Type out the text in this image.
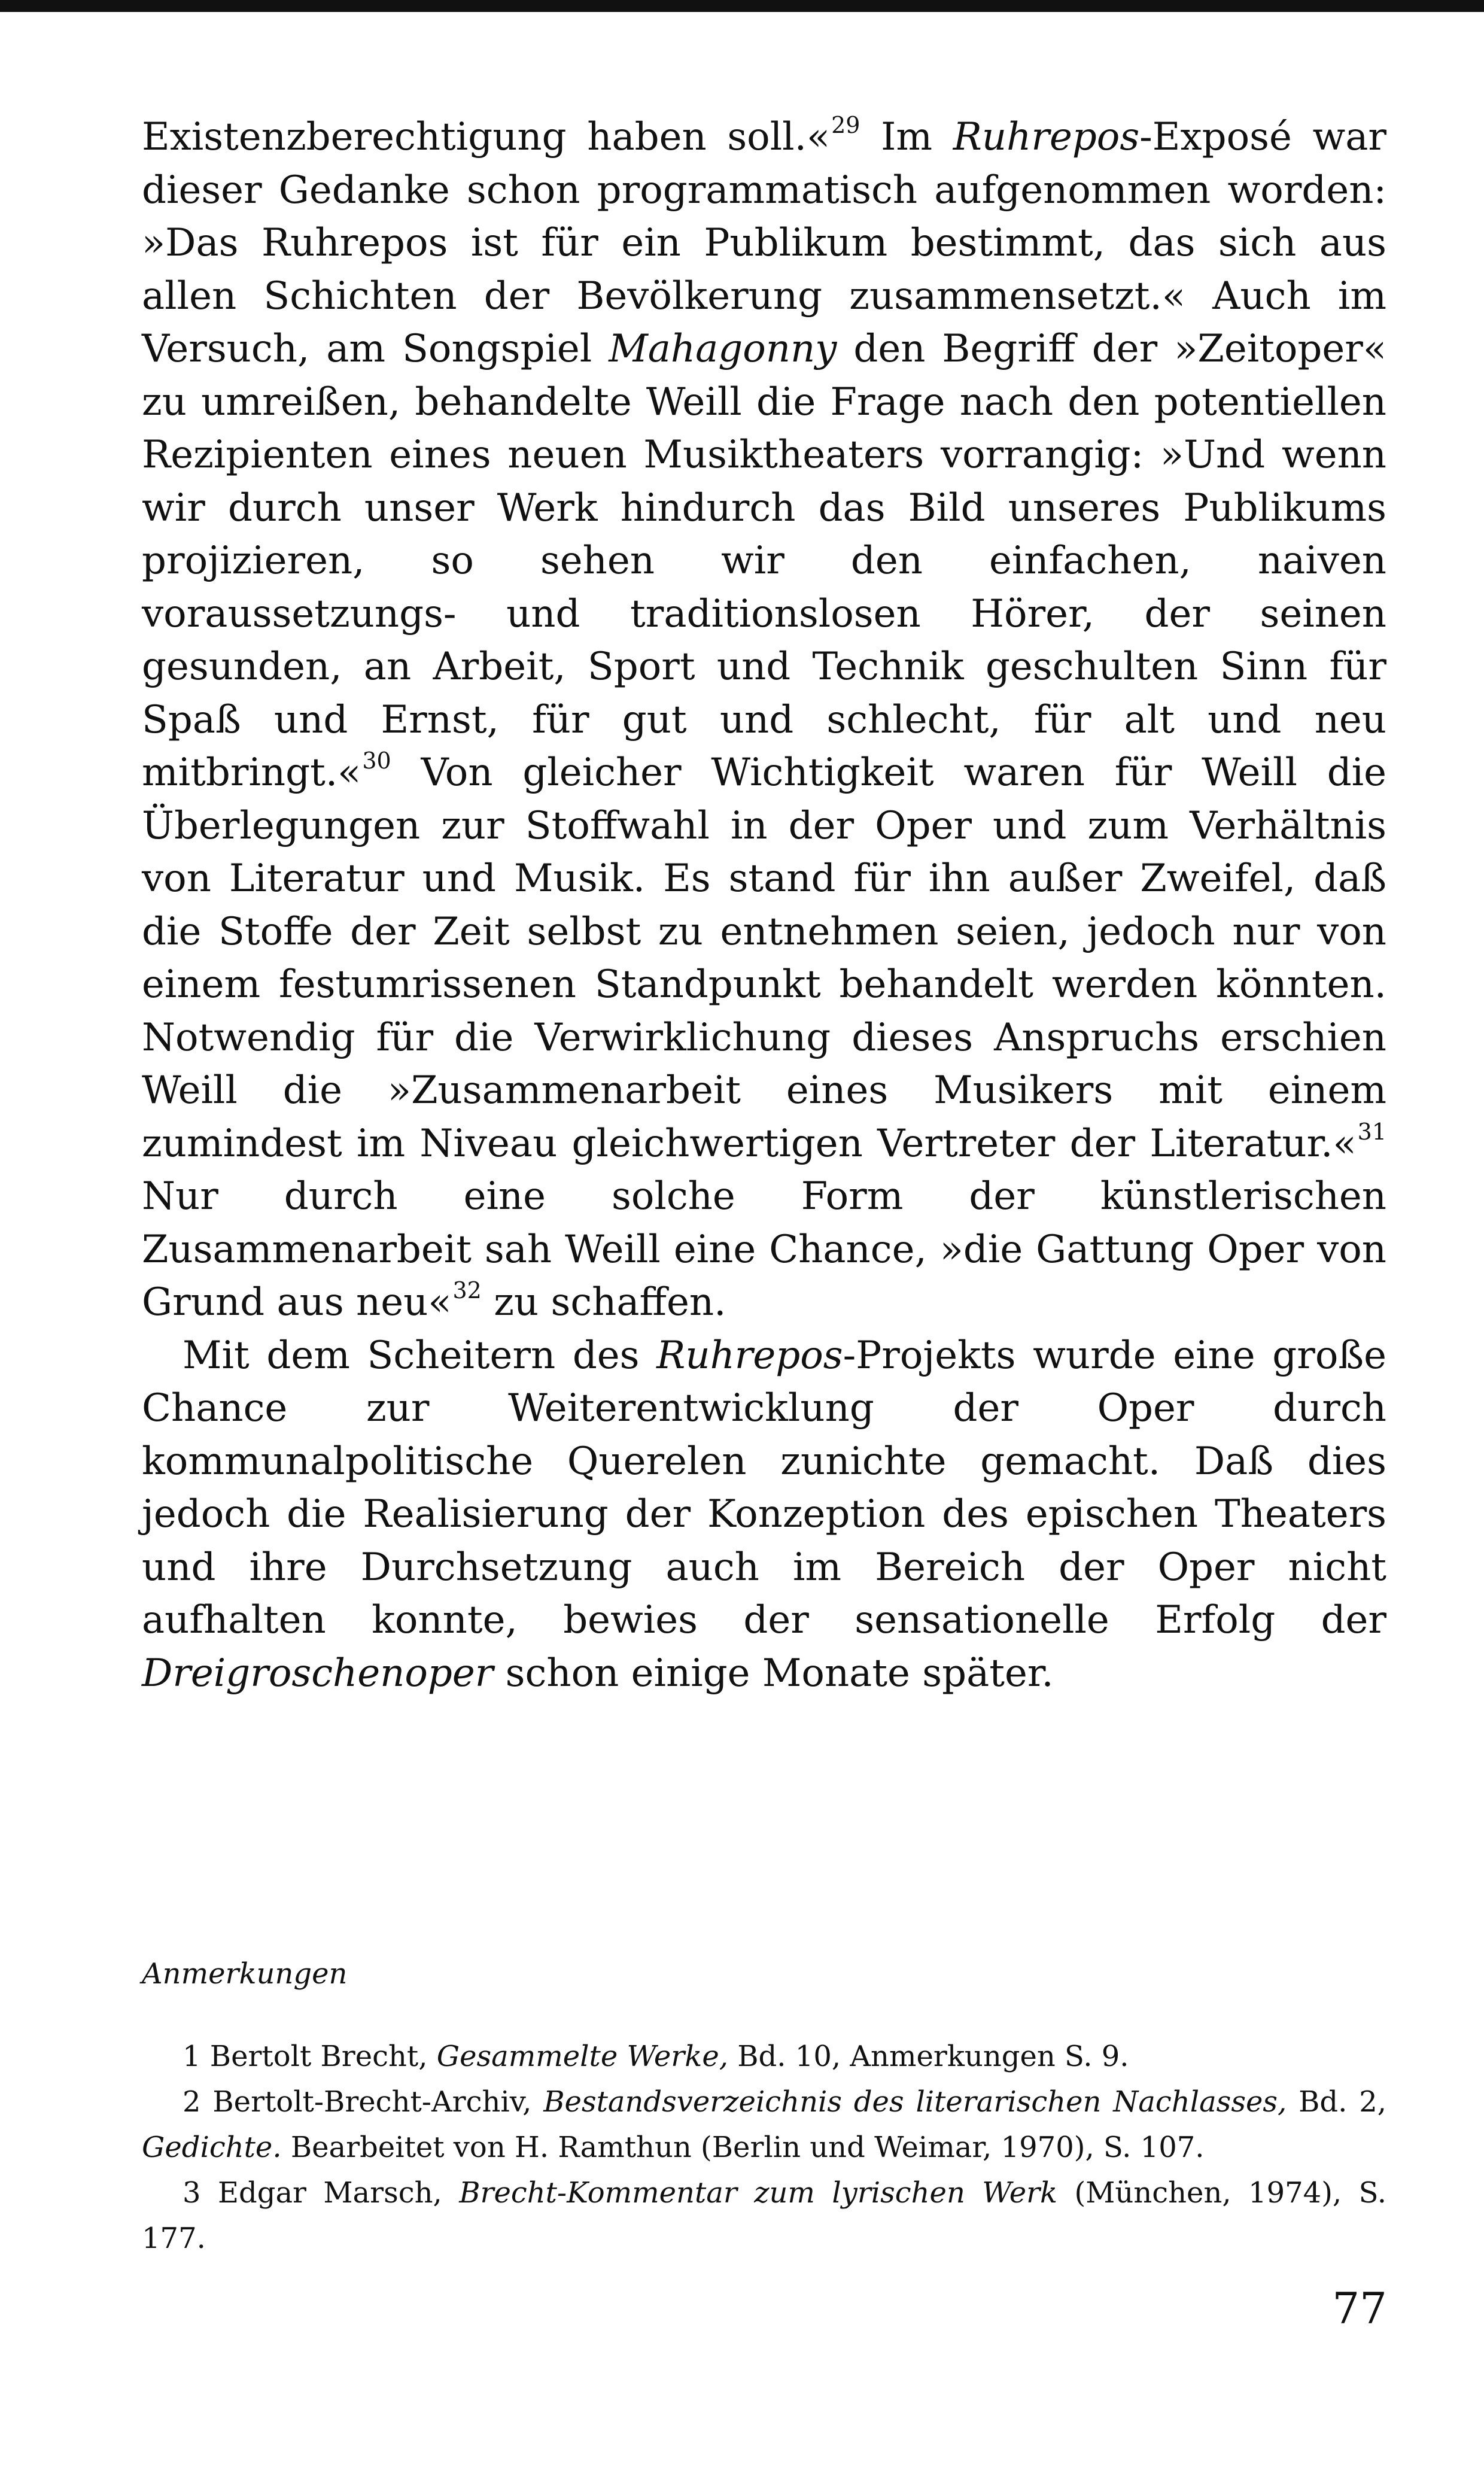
Existenzberechtigung haben soll.«$^{29}$ Im Ruhrepos-Exposé war dieser Gedanke schon programmatisch aufgenommen worden: »Das Ruhrepos ist für ein Publikum bestimmt, das sich aus allen Schichten der Bevölkerung zusammensetzt.« Auch im Versuch, am Songspiel Mahagonny den Begriff der »Zeitoper« zu umreißen, behandelte Weill die Frage nach den potentiellen Rezipienten eines neuen Musiktheaters vorrangig: »Und wenn wir durch unser Werk hindurch das Bild unseres Publikums projizieren, so sehen wir den einfachen, naiven voraussetzungs- und traditionslosen Hörer, der seinen gesunden, an Arbeit, Sport und Technik geschulten Sinn für Spaß und Ernst, für gut und schlecht, für alt und neu mitbringt.«$^{30}$ Von gleicher Wichtigkeit waren für Weill die Überlegungen zur Stoffwahl in der Oper und zum Verhältnis von Literatur und Musik. Es stand für ihn außer Zweifel, daß die Stoffe der Zeit selbst zu entnehmen seien, jedoch nur von einem festumrissenen Standpunkt behandelt werden könnten. Notwendig für die Verwirklichung dieses Anspruchs erschien Weill die »Zusammenarbeit eines Musikers mit einem zumindest im Niveau gleichwertigen Vertreter der Literatur.«$^{31}$ Nur durch eine solche Form der künstlerischen Zusammenarbeit sah Weill eine Chance, »die Gattung Oper von Grund aus neu«$^{32}$ zu schaffen.

Mit dem Scheitern des Ruhrepos-Projekts wurde eine große Chance zur Weiterentwicklung der Oper durch kommunalpolitische Querelen zunichte gemacht. Daß dies jedoch die Realisierung der Konzeption des epischen Theaters und ihre Durchsetzung auch im Bereich der Oper nicht aufhalten konnte, bewies der sensationelle Erfolg der Dreigroschenoper schon einige Monate später.

Anmerkungen

1 Bertolt Brecht, Gesammelte Werke, Bd. 10, Anmerkungen S. 9.

2 Bertolt-Brecht-Archiv, Bestandsverzeichnis des literarischen Nachlasses, Bd. 2, Gedichte. Bearbeitet von H. Ramthun (Berlin und Weimar, 1970), S. 107.

3 Edgar Marsch, Brecht-Kommentar zum lyrischen Werk (München, 1974), S. 177.

77
